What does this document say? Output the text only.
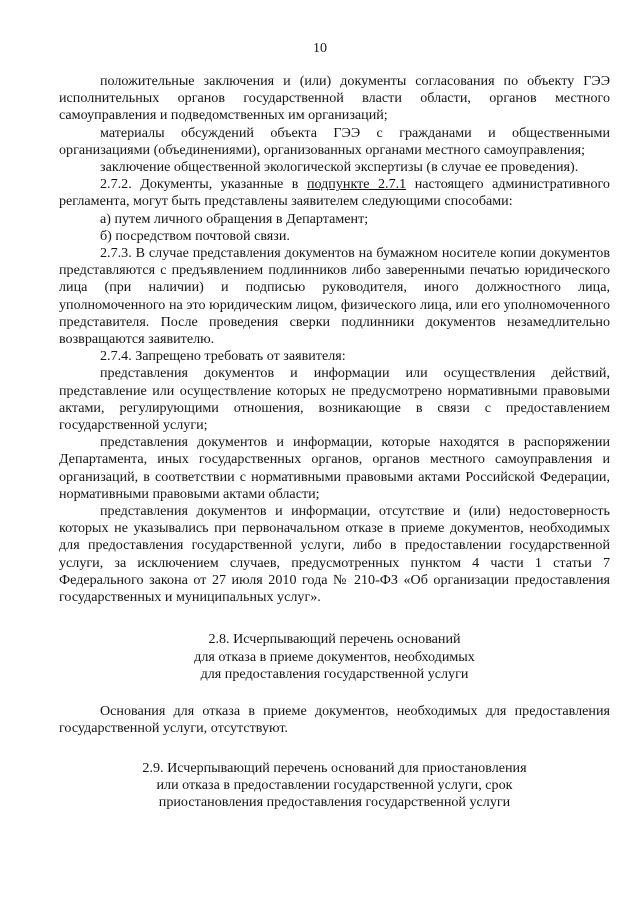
10

положительные заключения и (или) документы согласования по объекту ГЭЭ исполнительных органов государственной власти области, органов местного самоуправления и подведомственных им организаций;

материалы обсуждений объекта ГЭЭ с гражданами и общественными организациями (объединениями), организованных органами местного самоуправления;

заключение общественной экологической экспертизы (в случае ее проведения).

2.7.2. Документы, указанные в подпункте 2.7.1 настоящего административного регламента, могут быть представлены заявителем следующими способами:

а) путем личного обращения в Департамент;

б) посредством почтовой связи.

2.7.3. В случае представления документов на бумажном носителе копии документов представляются с предъявлением подлинников либо заверенными печатью юридического лица (при наличии) и подписью руководителя, иного должностного лица, уполномоченного на это юридическим лицом, физического лица, или его уполномоченного представителя. После проведения сверки подлинники документов незамедлительно возвращаются заявителю.

2.7.4. Запрещено требовать от заявителя:

представления документов и информации или осуществления действий, представление или осуществление которых не предусмотрено нормативными правовыми актами, регулирующими отношения, возникающие в связи с предоставлением государственной услуги;

представления документов и информации, которые находятся в распоряжении Департамента, иных государственных органов, органов местного самоуправления и организаций, в соответствии с нормативными правовыми актами Российской Федерации, нормативными правовыми актами области;

представления документов и информации, отсутствие и (или) недостоверность которых не указывались при первоначальном отказе в приеме документов, необходимых для предоставления государственной услуги, либо в предоставлении государственной услуги, за исключением случаев, предусмотренных пунктом 4 части 1 статьи 7 Федерального закона от 27 июля 2010 года № 210-ФЗ «Об организации предоставления государственных и муниципальных услуг».

2.8. Исчерпывающий перечень оснований

для отказа в приеме документов, необходимых

для предоставления государственной услуги

Основания для отказа в приеме документов, необходимых для предоставления государственной услуги, отсутствуют.

2.9. Исчерпывающий перечень оснований для приостановления

или отказа в предоставлении государственной услуги, срок

приостановления предоставления государственной услуги
